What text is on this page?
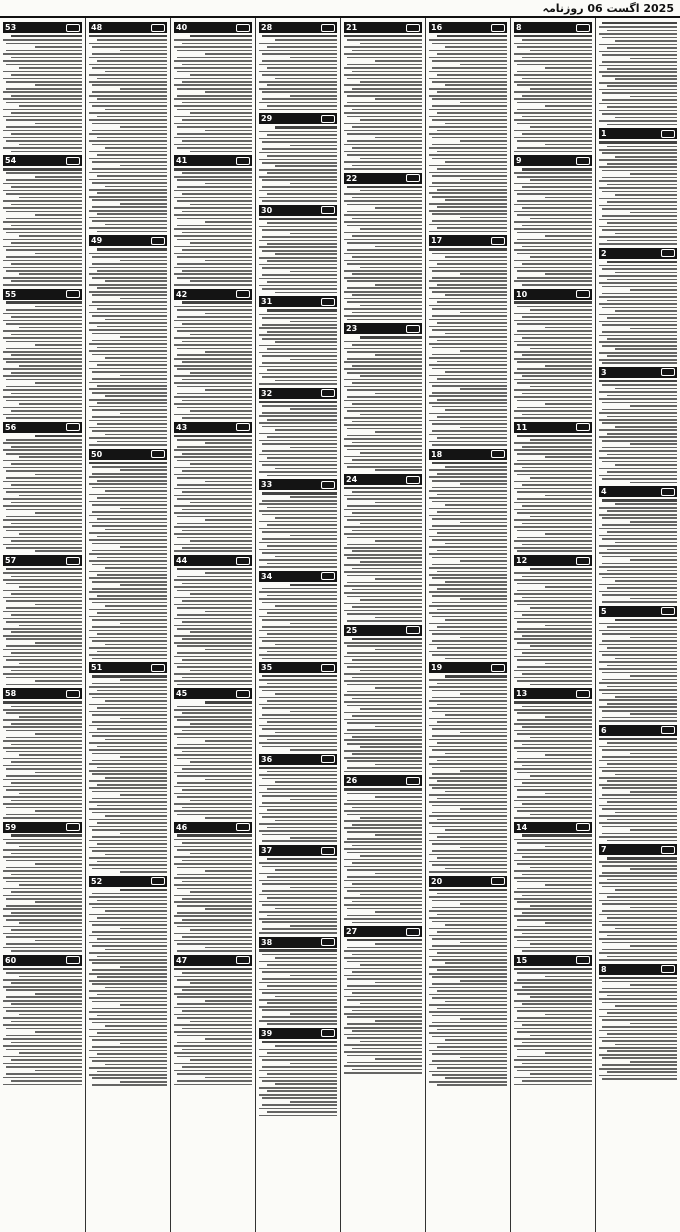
2025 اگست 06 روزنامہ
1
2
3
4
5
6
7
8
8
9
10
11
12
13
14
15
16
17
18
19
20
21
22
23
24
25
26
27
28
29
30
31
32
33
34
35
36
37
38
39
40
41
42
43
44
45
46
47
48
49
50
51
52
53
54
55
56
57
58
59
60
